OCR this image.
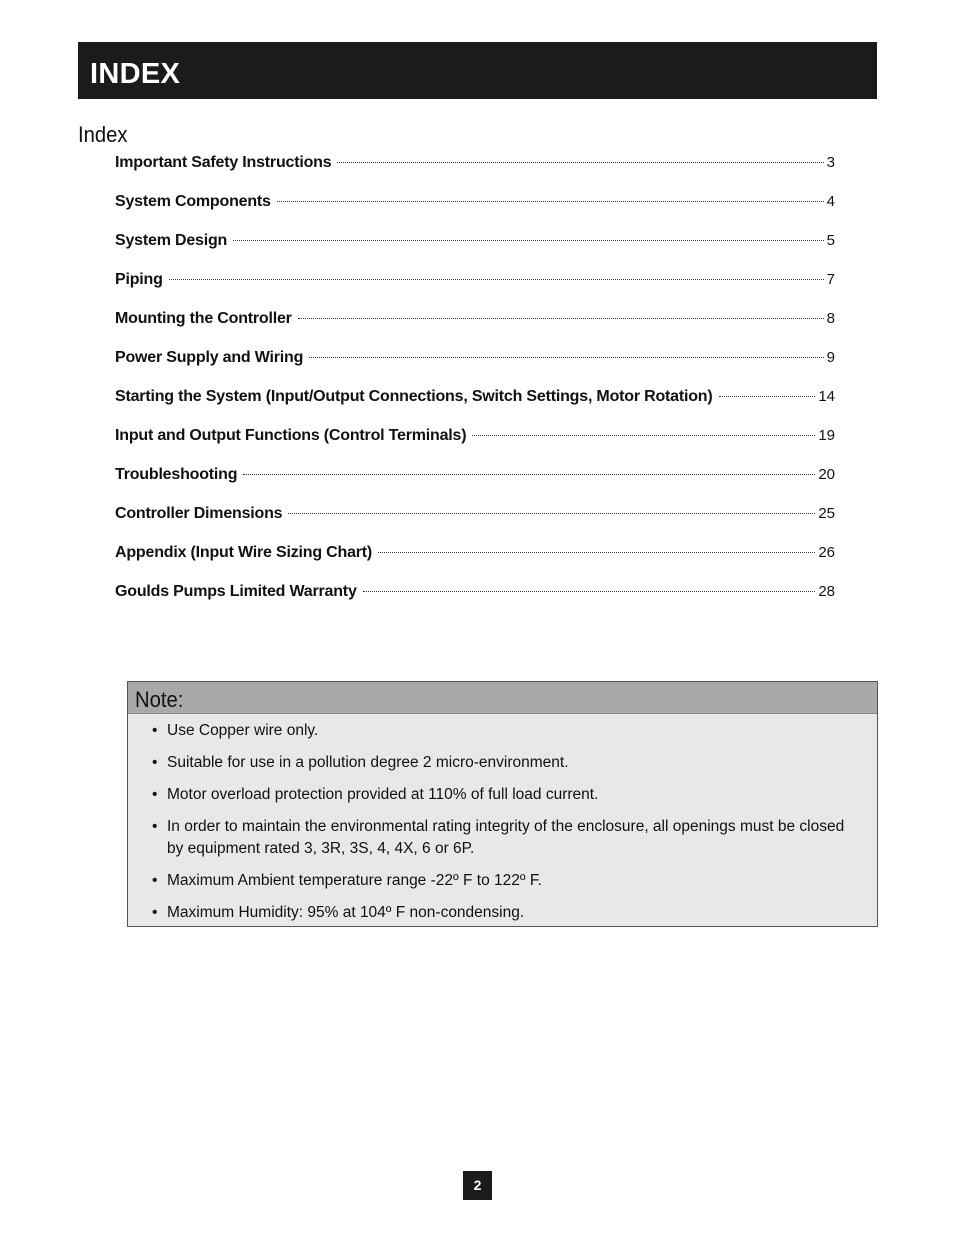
INDEX
Index
Important Safety Instructions	3
System Components	4
System Design	5
Piping	7
Mounting the Controller	8
Power Supply and Wiring	9
Starting the System (Input/Output Connections, Switch Settings, Motor Rotation)	14
Input and Output Functions (Control Terminals)	19
Troubleshooting	20
Controller Dimensions	25
Appendix (Input Wire Sizing Chart)	26
Goulds Pumps Limited Warranty	28
Note:
• Use Copper wire only.
• Suitable for use in a pollution degree 2 micro-environment.
• Motor overload protection provided at 110% of full load current.
• In order to maintain the environmental rating integrity of the enclosure, all openings must be closed by equipment rated 3, 3R, 3S, 4, 4X, 6 or 6P.
• Maximum Ambient temperature range -22º F to 122º F.
• Maximum Humidity: 95% at 104º F non-condensing.
2
